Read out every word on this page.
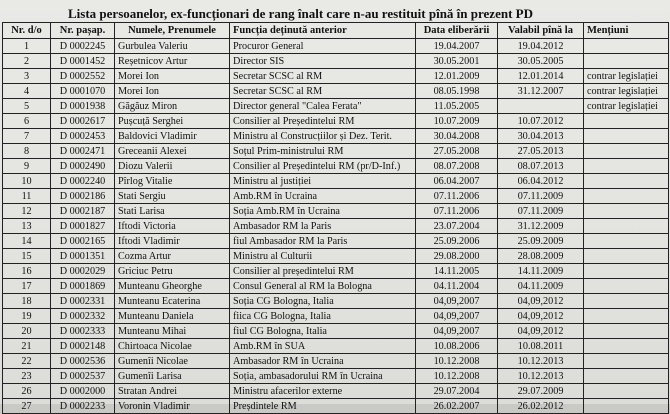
Lista persoanelor, ex-funcționari de rang înalt care n-au restituit pînă în prezent PD
Nr. d/o	Nr. pașap.	Numele, Prenumele	Funcția deținută anterior	Data eliberării	Valabil pînă la	Mențiuni
1	D 0002245	Gurbulea Valeriu	Procuror General	19.04.2007	19.04.2012	
2	D 0001452	Reșetnicov Artur	Director SIS	30.05.2001	30.05.2005	
3	D 0002552	Morei Ion	Secretar SCSC al RM	12.01.2009	12.01.2014	contrar legislației
4	D 0001070	Morei Ion	Secretar SCSC al RM	08.05.1998	31.12.2007	contrar legislației
5	D 0001938	Găgăuz Miron	Director general "Calea Ferata"	11.05.2005		contrar legislației
6	D 0002617	Pușcuță Serghei	Consilier al Președintelui RM	10.07.2009	10.07.2012	
7	D 0002453	Baldovici Vladimir	Ministru al Construcțiilor și Dez. Terit.	30.04.2008	30.04.2013	
8	D 0002471	Greceanii Alexei	Soțul Prim-ministrului RM	27.05.2008	27.05.2013	
9	D 0002490	Diozu Valerii	Consilier al Președintelui RM (pr/D-Inf.)	08.07.2008	08.07.2013	
10	D 0002240	Pîrlog Vitalie	Ministru al justiției	06.04.2007	06.04.2012	
11	D 0002186	Stati Sergiu	Amb.RM în Ucraina	07.11.2006	07.11.2009	
12	D 0002187	Stati Larisa	Soția Amb.RM în Ucraina	07.11.2006	07.11.2009	
13	D 0001827	Iftodi Victoria	Ambasador RM la Paris	23.07.2004	31.12.2009	
14	D 0002165	Iftodi Vladimir	fiul Ambasador RM la Paris	25.09.2006	25.09.2009	
15	D 0001351	Cozma Artur	Ministru al Culturii	29.08.2000	28.08.2009	
16	D 0002029	Griciuc Petru	Consilier al președintelui RM	14.11.2005	14.11.2009	
17	D 0001869	Munteanu Gheorghe	Consul General al RM la Bologna	04.11.2004	04.11.2009	
18	D 0002331	Munteanu Ecaterina	Soția CG Bologna, Italia	04,09,2007	04,09,2012	
19	D 0002332	Munteanu Daniela	fiica CG Bologna, Italia	04,09,2007	04,09,2012	
20	D 0002333	Munteanu Mihai	fiul CG Bologna, Italia	04,09,2007	04,09,2012	
21	D 0002148	Chirtoaca Nicolae	Amb.RM în SUA	10.08.2006	10.08.2011	
22	D 0002536	Gumenîi Nicolae	Ambasador RM în Ucraina	10.12.2008	10.12.2013	
23	D 0002537	Gumenîi Larisa	Soția, ambasadorului RM în Ucraina	10.12.2008	10.12.2013	
26	D 0002000	Stratan Andrei	Ministru afacerilor externe	29.07.2004	29.07.2009	
27	D 0002233	Voronin Vladimir	Preșdintele RM	26.02.2007	26.02.2012	
